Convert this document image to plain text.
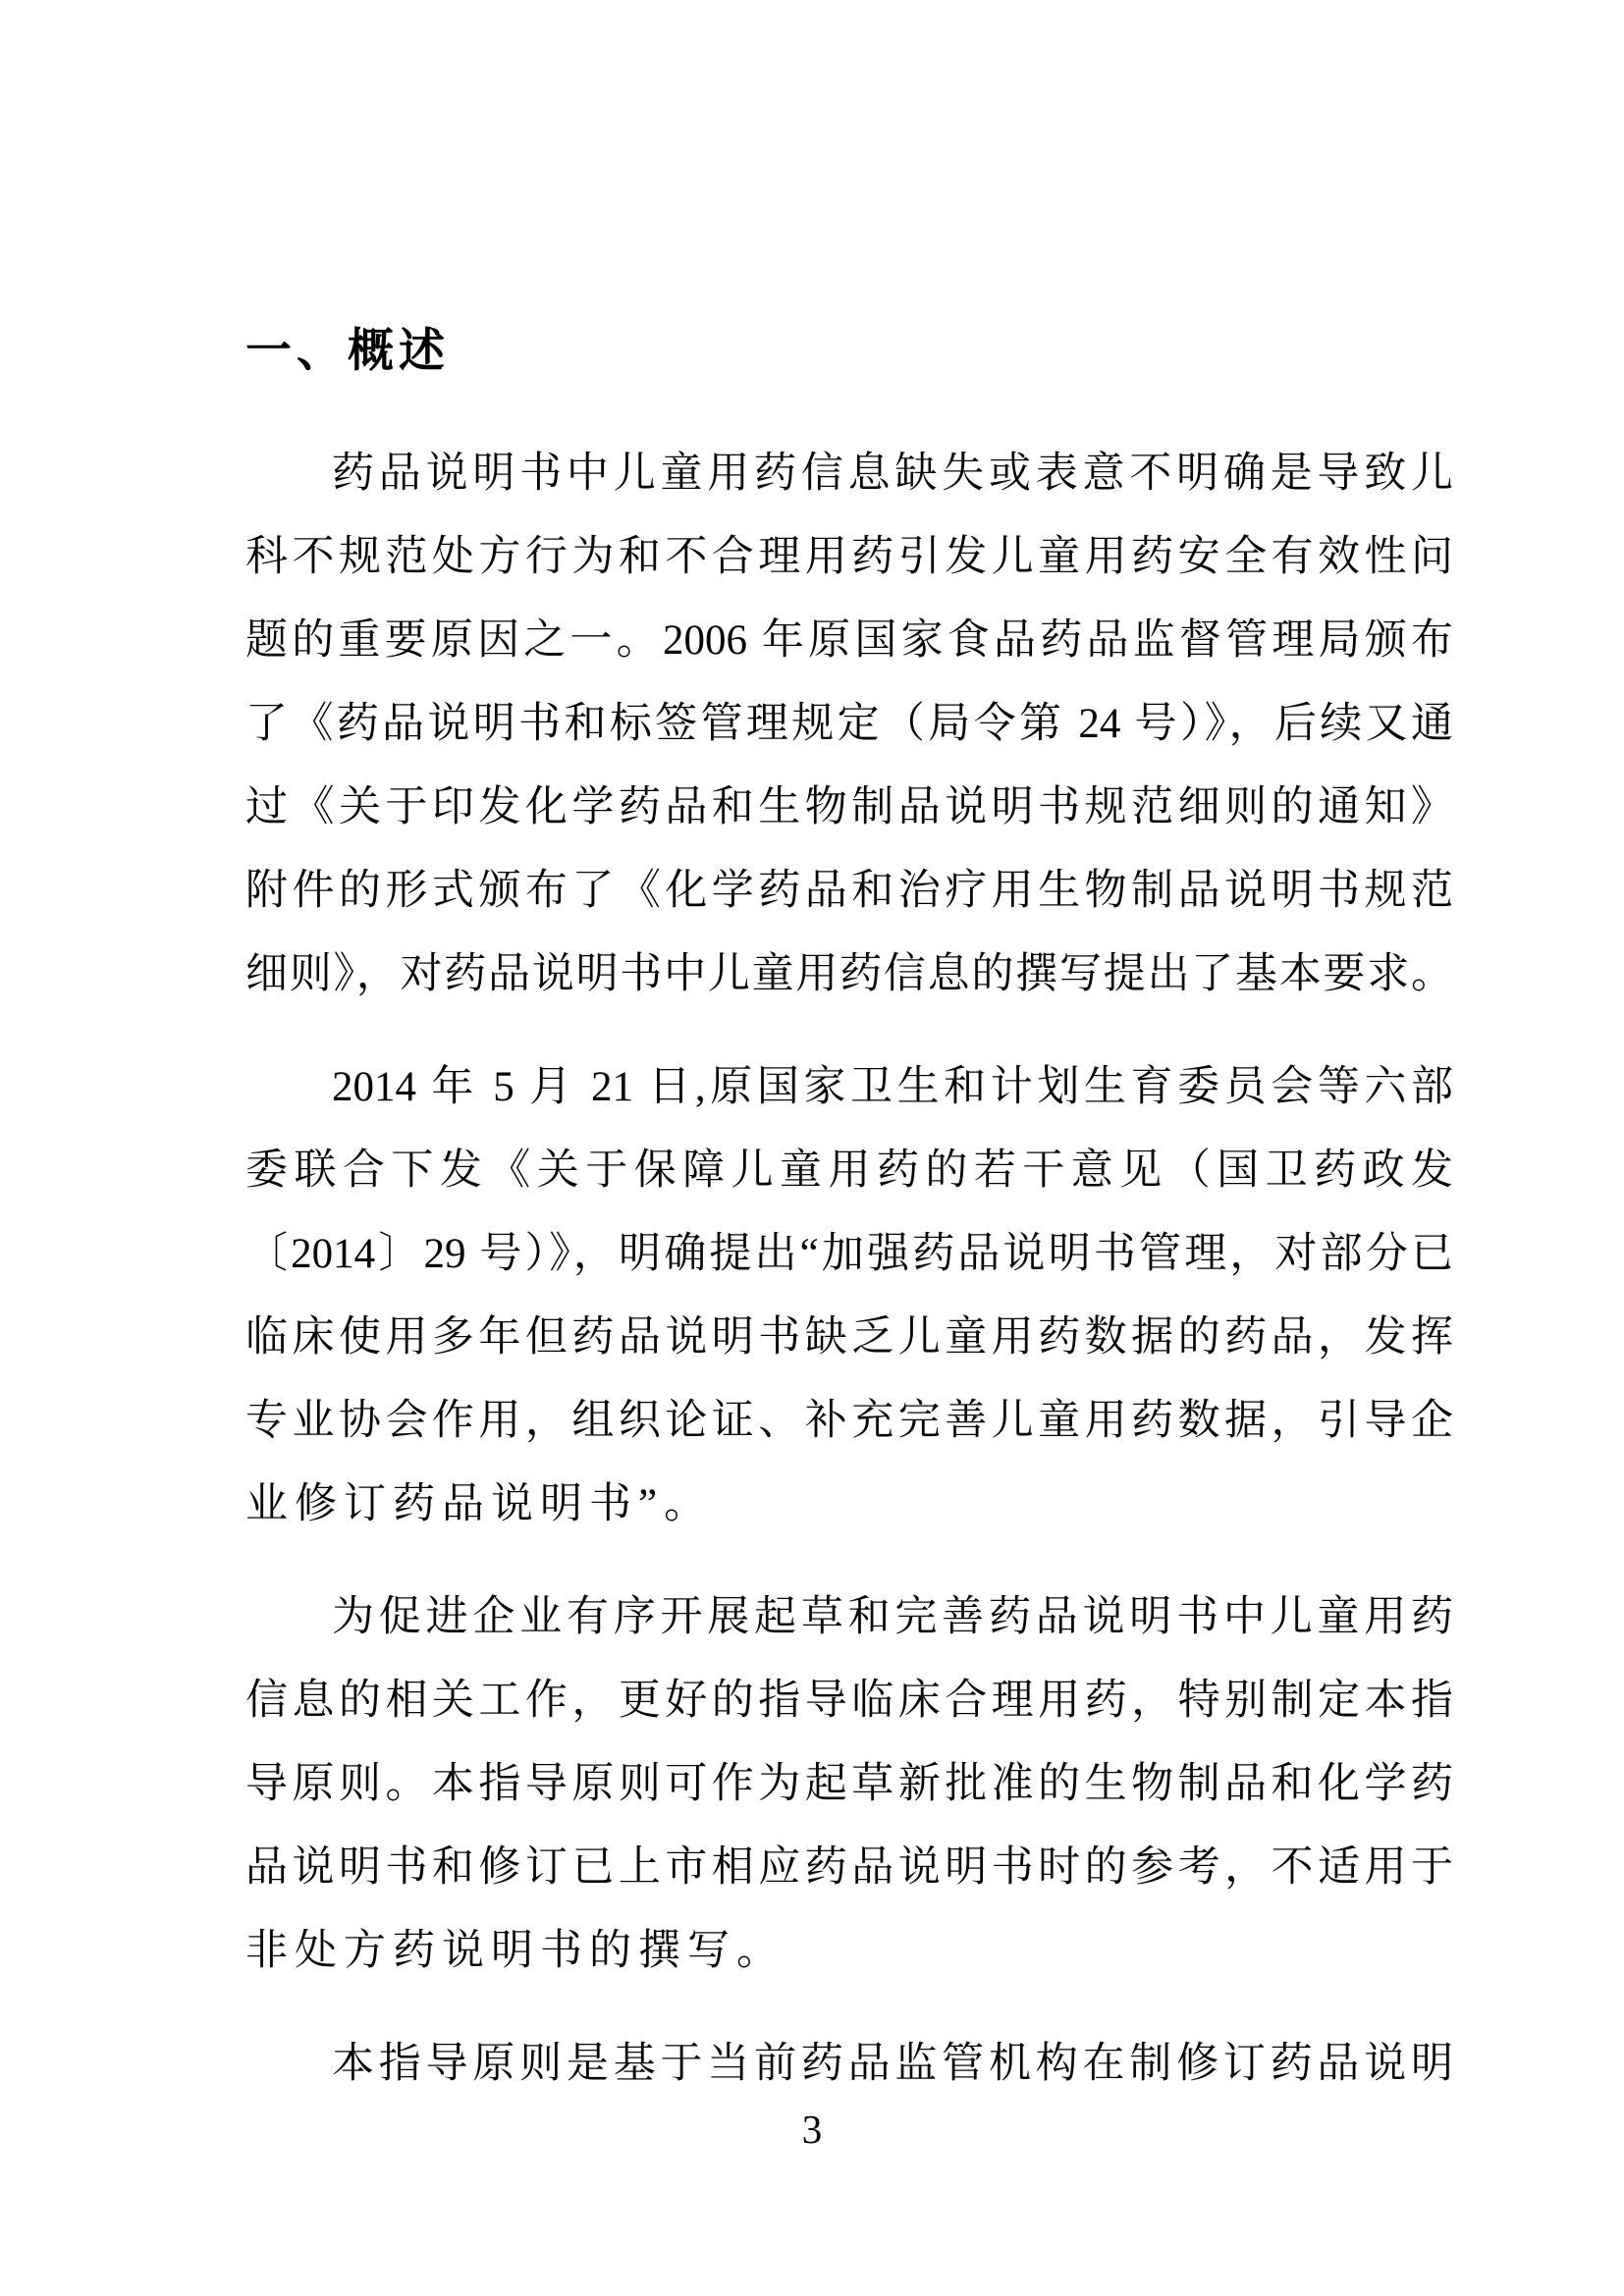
一、概述
药品说明书中儿童用药信息缺失或表意不明确是导致儿
科不规范处方行为和不合理用药引发儿童用药安全有效性问
题的重要原因之一。2006 年原国家食品药品监督管理局颁布
了《药品说明书和标签管理规定（局令第 24 号）》，后续又通
过《关于印发化学药品和生物制品说明书规范细则的通知》
附件的形式颁布了《化学药品和治疗用生物制品说明书规范
细则》，对药品说明书中儿童用药信息的撰写提出了基本要求。
2014 年 5 月 21 日,原国家卫生和计划生育委员会等六部
委联合下发《关于保障儿童用药的若干意见（国卫药政发
〔2014〕29 号）》，明确提出“加强药品说明书管理，对部分已
临床使用多年但药品说明书缺乏儿童用药数据的药品，发挥
专业协会作用，组织论证、补充完善儿童用药数据，引导企
业修订药品说明书”。
为促进企业有序开展起草和完善药品说明书中儿童用药
信息的相关工作，更好的指导临床合理用药，特别制定本指
导原则。本指导原则可作为起草新批准的生物制品和化学药
品说明书和修订已上市相应药品说明书时的参考，不适用于
非处方药说明书的撰写。
本指导原则是基于当前药品监管机构在制修订药品说明
3
